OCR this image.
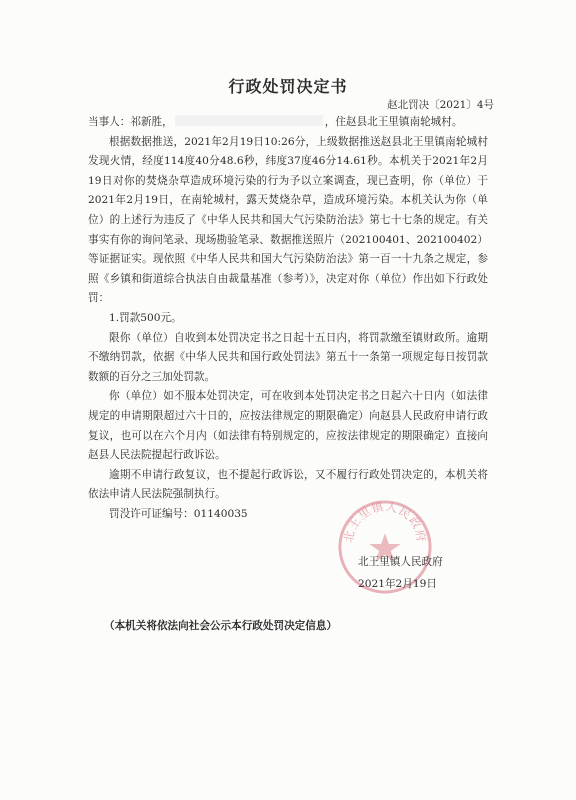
行政处罚决定书
赵北罚决〔2021〕4号

当事人：祁新胜，	，住赵县北王里镇南轮城村。

根据数据推送，2021年2月19日10:26分，上级数据推送赵县北王里镇南轮城村发现火情，经度114度40分48.6秒，纬度37度46分14.61秒。本机关于2021年2月19日对你的焚烧杂草造成环境污染的行为予以立案调查，现已查明，你（单位）于2021年2月19日，在南轮城村，露天焚烧杂草，造成环境污染。本机关认为你（单位）的上述行为违反了《中华人民共和国大气污染防治法》第七十七条的规定。有关事实有你的询问笔录、现场勘验笔录、数据推送照片（202100401、202100402）等证据证实。现依照《中华人民共和国大气污染防治法》第一百一十九条之规定，参照《乡镇和街道综合执法自由裁量基准（参考）》，决定对你（单位）作出如下行政处罚：

1.罚款500元。

限你（单位）自收到本处罚决定书之日起十五日内，将罚款缴至镇财政所。逾期不缴纳罚款，依据《中华人民共和国行政处罚法》第五十一条第一项规定每日按罚款数额的百分之三加处罚款。

你（单位）如不服本处罚决定，可在收到本处罚决定书之日起六十日内（如法律规定的申请期限超过六十日的，应按法律规定的期限确定）向赵县人民政府申请行政复议，也可以在六个月内（如法律有特别规定的，应按法律规定的期限确定）直接向赵县人民法院提起行政诉讼。

逾期不申请行政复议，也不提起行政诉讼，又不履行行政处罚决定的，本机关将依法申请人民法院强制执行。

罚没许可证编号：01140035

北王里镇人民政府
北王里镇人民政府
2021年2月19日
（本机关将依法向社会公示本行政处罚决定信息）
